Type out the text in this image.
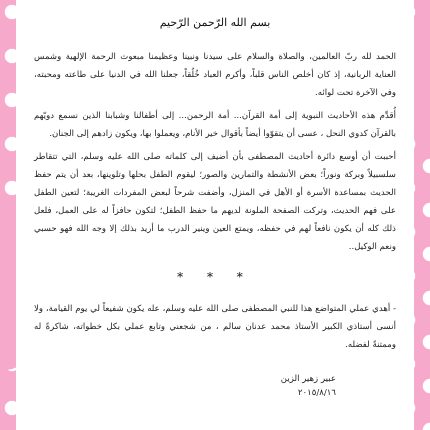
بسم الله الرّحمن الرّحيم

الحمد لله ربّ العالمين، والصلاة والسلام على سيدنا ونبينا وعظيمنا مبعوث الرحمة الإلهية وشمس العناية الربانية، إذ كان أخلص الناس قلباً، وأكرم العباد خُلُقاً، جعلنا الله في الدنيا على طاعته ومحبته، وفي الآخرة تحت لوائه.

أُقدِّم هذه الأحاديث النبوية إلى أمة القرآن... أمة الرحمن... إلى أطفالنا وشبابنا الذين نسمع دويّهم بالقرآن كدوي النحل ، عسى أن يتقوّوا أيضاً بأقوال خير الأنام، ويعملوا بها، ويكون زادهم إلى الجنان.

أحببت أن أوسع دائرة أحاديث المصطفى بأن أضيف إلى كلماته صلى الله عليه وسلم، التي تتقاطر سلسبيلاً وبركة ونوراً؛ بعض الأنشطة والتمارين والصور؛ ليقوم الطفل بحلها وتلوينها، بعد أن يتم حفظ الحديث بمساعدة الأسرة أو الأهل في المنزل، وأضفت شرحاً لبعض المفردات الغريبة؛ لتعين الطفل على فهم الحديث، وتركت الصفحة الملونة لديهم ما حفظ الطفل؛ لتكون حافزاً له على العمل، فلعل ذلك كله أن يكون نافعاً لهم في حفظه، ويمتع العين وينير الدرب ما أريد بذلك إلا وجه الله فهو حسبي ونعم الوكيل..

* * *

- أهدي عملي المتواضع هذا للنبي المصطفى صلى الله عليه وسلم، عله يكون شفيعاً لي يوم القيامة، ولا أنسى أستاذي الكبير الأستاذ محمد عدنان سالم ، من شجعني وتابع عملي بكل خطواته، شاكرةً له وممتنةً لفضله.

عبير زهير الزين
٢٠١٥/٨/١٦
